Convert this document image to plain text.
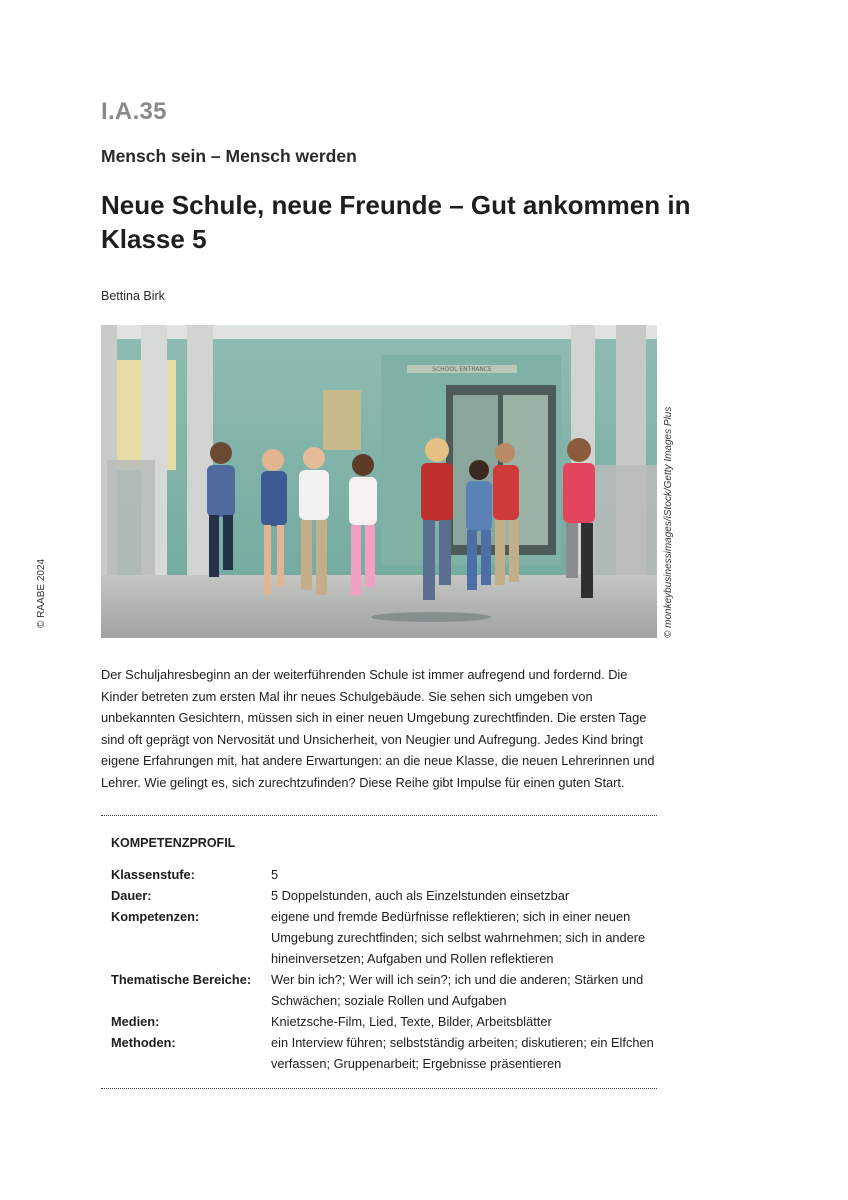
I.A.35
Mensch sein – Mensch werden
Neue Schule, neue Freunde – Gut ankommen in Klasse 5
Bettina Birk
© RAABE 2024	© monkeybusinessimages/iStock/Getty Images Plus
SCHOOL ENTRANCE

Der Schuljahresbeginn an der weiterführenden Schule ist immer aufregend und fordernd. Die Kinder betreten zum ersten Mal ihr neues Schulgebäude. Sie sehen sich umgeben von unbekannten Gesichtern, müssen sich in einer neuen Umgebung zurechtfinden. Die ersten Tage sind oft geprägt von Nervosität und Unsicherheit, von Neugier und Aufregung. Jedes Kind bringt eigene Erfahrungen mit, hat andere Erwartungen: an die neue Klasse, die neuen Lehrerinnen und Lehrer. Wie gelingt es, sich zurechtzufinden? Diese Reihe gibt Impulse für einen guten Start.

KOMPETENZPROFIL
Klassenstufe:	5
Dauer:	5 Doppelstunden, auch als Einzelstunden einsetzbar
Kompetenzen:	eigene und fremde Bedürfnisse reflektieren; sich in einer neuen Umgebung zurechtfinden; sich selbst wahrnehmen; sich in andere hineinversetzen; Aufgaben und Rollen reflektieren
Thematische Bereiche:	Wer bin ich?; Wer will ich sein?; ich und die anderen; Stärken und Schwächen; soziale Rollen und Aufgaben
Medien:	Knietzsche-Film, Lied, Texte, Bilder, Arbeitsblätter
Methoden:	ein Interview führen; selbstständig arbeiten; diskutieren; ein Elfchen verfassen; Gruppenarbeit; Ergebnisse präsentieren
